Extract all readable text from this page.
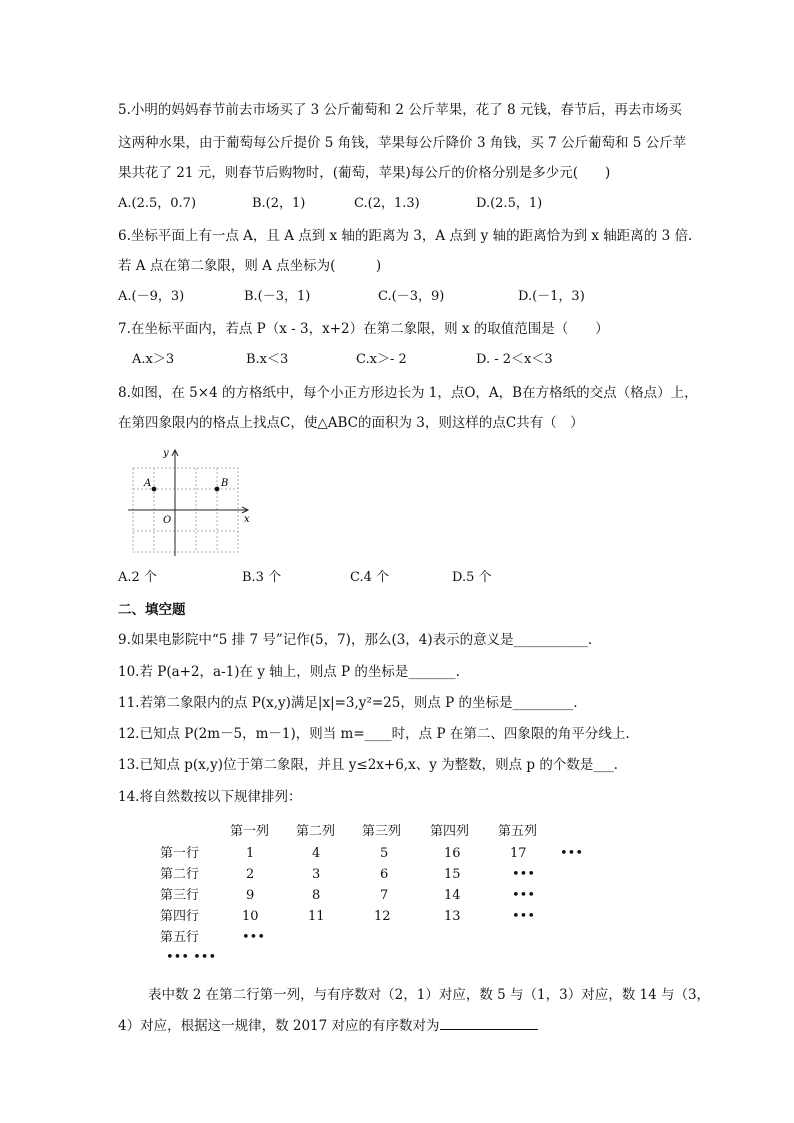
5.小明的妈妈春节前去市场买了 3 公斤葡萄和 2 公斤苹果，花了 8 元钱，春节后，再去市场买
这两种水果，由于葡萄每公斤提价 5 角钱，苹果每公斤降价 3 角钱，买 7 公斤葡萄和 5 公斤苹
果共花了 21 元，则春节后购物时，(葡萄，苹果)每公斤的价格分别是多少元(　　)
A.(2.5，0.7)	B.(2，1)	C.(2，1.3)	D.(2.5，1)
6.坐标平面上有一点 A，且 A 点到 x 轴的距离为 3，A 点到 y 轴的距离恰为到 x 轴距离的 3 倍.
若 A 点在第二象限，则 A 点坐标为(　　　)
A.(－9，3)	B.(－3，1)	C.(－3，9)	D.(－1，3)
7.在坐标平面内，若点 P（x - 3，x+2）在第二象限，则 x 的取值范围是（　　）
A.x＞3	B.x＜3	C.x＞- 2	D. - 2＜x＜3
8.如图，在 5×4 的方格纸中，每个小正方形边长为 1，点O，A，B在方格纸的交点（格点）上，
在第四象限内的格点上找点C，使△ABC的面积为 3，则这样的点C共有（　）
x
y
O
A	B
A.2 个	B.3 个	C.4 个	D.5 个
二、填空题
9.如果电影院中“5 排 7 号”记作(5，7)，那么(3，4)表示的意义是___________.
10.若 P(a+2，a-1)在 y 轴上，则点 P 的坐标是_______.
11.若第二象限内的点 P(x,y)满足|x|=3,y²=25，则点 P 的坐标是_________.
12.已知点 P(2m－5，m－1)，则当 m=____时，点 P 在第二、四象限的角平分线上.
13.已知点 p(x,y)位于第二象限，并且 y≤2x+6,x、y 为整数，则点 p 的个数是___.
14.将自然数按以下规律排列：
第一列 第二列 第三列 第四列 第五列
第一行	1	4	5	16	17	•••
第二行	2	3	6	15	•••
第三行	9	8	7	14	•••
第四行	10	11	12	13	•••
第五行	•••
••• •••
表中数 2 在第二行第一列，与有序数对（2，1）对应，数 5 与（1，3）对应，数 14 与（3，
4）对应，根据这一规律，数 2017 对应的有序数对为
